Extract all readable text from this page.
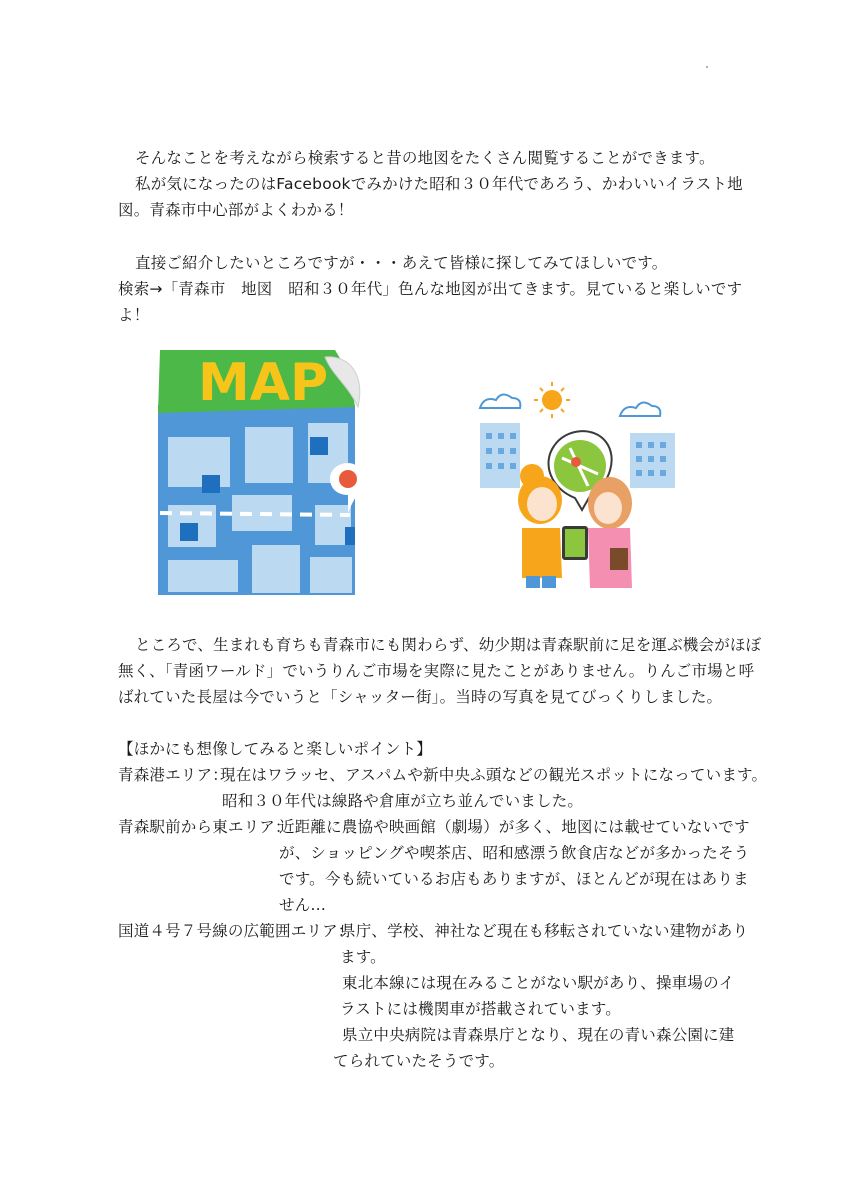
そんなことを考えながら検索すると昔の地図をたくさん閲覧することができます。
私が気になったのはFacebookでみかけた昭和３０年代であろう、かわいいイラスト地
図。青森市中心部がよくわかる！
直接ご紹介したいところですが・・・あえて皆様に探してみてほしいです。
検索→「青森市　地図　昭和３０年代」色んな地図が出てきます。見ていると楽しいです
よ！
MAP
ところで、生まれも育ちも青森市にも関わらず、幼少期は青森駅前に足を運ぶ機会がほぼ
無く、「青函ワールド」でいうりんご市場を実際に見たことがありません。りんご市場と呼
ばれていた長屋は今でいうと「シャッター街」。当時の写真を見てびっくりしました。
【ほかにも想像してみると楽しいポイント】
青森港エリア：
現在はワラッセ、アスパムや新中央ふ頭などの観光スポットになっています。
昭和３０年代は線路や倉庫が立ち並んでいました。
青森駅前から東エリア：
近距離に農協や映画館（劇場）が多く、地図には載せていないです
が、ショッピングや喫茶店、昭和感漂う飲食店などが多かったそう
です。今も続いているお店もありますが、ほとんどが現在はありま
せん…
国道４号７号線の広範囲エリア：
県庁、学校、神社など現在も移転されていない建物があり
ます。
東北本線には現在みることがない駅があり、操車場のイ
ラストには機関車が搭載されています。
県立中央病院は青森県庁となり、現在の青い森公園に建
てられていたそうです。
